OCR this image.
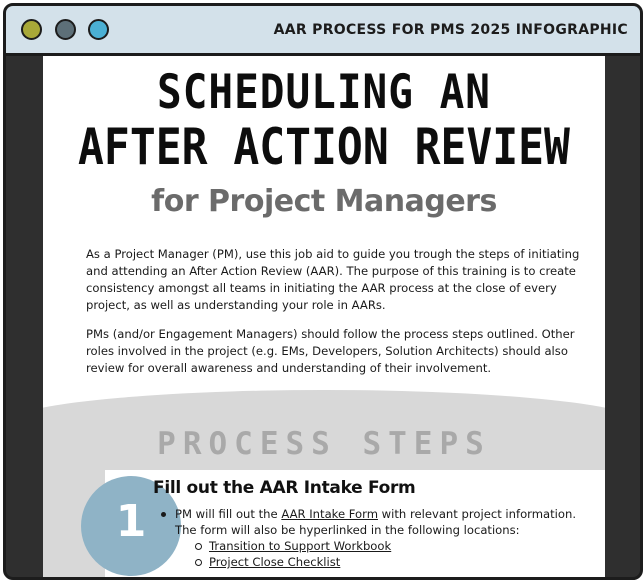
AAR PROCESS FOR PMS 2025 INFOGRAPHIC
SCHEDULING AN
AFTER ACTION REVIEW
for Project Managers

As a Project Manager (PM), use this job aid to guide you trough the steps of initiating and attending an After Action Review (AAR). The purpose of this training is to create consistency amongst all teams in initiating the AAR process at the close of every project, as well as understanding your role in AARs.

PMs (and/or Engagement Managers) should follow the process steps outlined. Other roles involved in the project (e.g. EMs, Developers, Solution Architects) should also review for overall awareness and understanding of their involvement.

PROCESS STEPS
1
Fill out the AAR Intake Form
PM will fill out the AAR Intake Form with relevant project information. The form will also be hyperlinked in the following locations:
Transition to Support Workbook
Project Close Checklist
